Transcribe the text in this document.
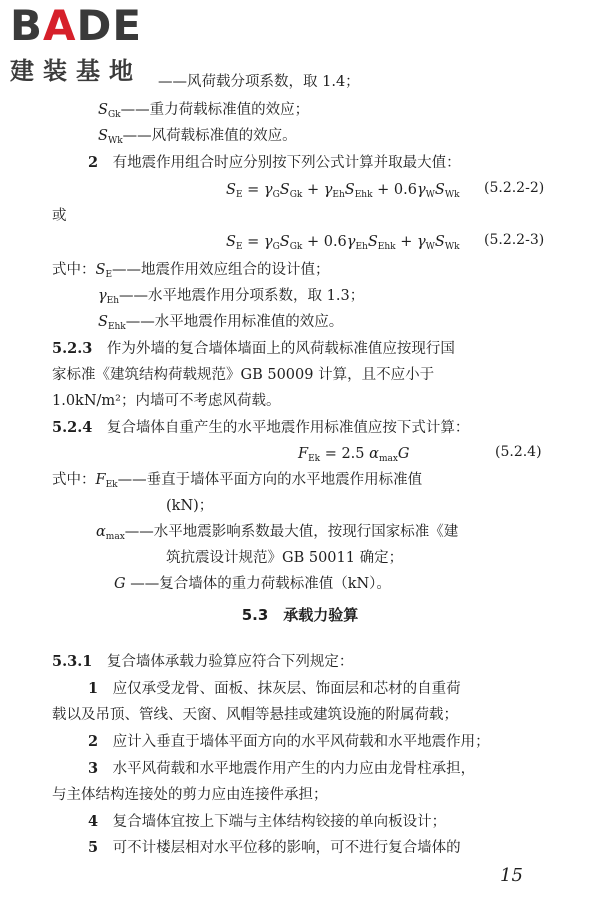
BADE
建装基地 ——风荷载分项系数，取 1.4；
$S_{Gk}——$重力荷载标准值的效应；
$S_{Wk}——$风荷载标准值的效应。
2　 有地震作用组合时应分别按下列公式计算并取最大值：
$S_E = \gamma_GS_{Gk} + \gamma_{Eh}S_{Ehk} + 0.6\gamma_WS_{Wk}$ (5.2.2-2)
或
$S_E = \gamma_GS_{Gk} + 0.6\gamma_{Eh}S_{Ehk} + \gamma_WS_{Wk}$ (5.2.2-3)
式中：$S_E——$地震作用效应组合的设计值；
$\gamma_{Eh}——$水平地震作用分项系数，取 1.3；
$S_{Ehk}——$水平地震作用标准值的效应。
5.2.3　 作为外墙的复合墙体墙面上的风荷载标准值应按现行国
家标准《建筑结构荷载规范》GB 50009 计算，且不应小于
1.0kN/m²；内墙可不考虑风荷载。
5.2.4　 复合墙体自重产生的水平地震作用标准值应按下式计算：
$F_{Ek} = 2.5$ $\alpha_{max}G$	(5.2.4)
式中：$F_{Ek}——$垂直于墙体平面方向的水平地震作用标准值
(kN)；
$\alpha_{max}——$水平地震影响系数最大值，按现行国家标准《建
筑抗震设计规范》GB 50011 确定；
G ——复合墙体的重力荷载标准值（kN）。
5.3　承载力验算
5.3.1　 复合墙体承载力验算应符合下列规定：
1　 应仅承受龙骨、面板、抹灰层、饰面层和芯材的自重荷
载以及吊顶、管线、天窗、风帽等悬挂或建筑设施的附属荷载；
2　 应计入垂直于墙体平面方向的水平风荷载和水平地震作用；
3　 水平风荷载和水平地震作用产生的内力应由龙骨柱承担，
与主体结构连接处的剪力应由连接件承担；
4　 复合墙体宜按上下端与主体结构铰接的单向板设计；
5　 可不计楼层相对水平位移的影响，可不进行复合墙体的
15
